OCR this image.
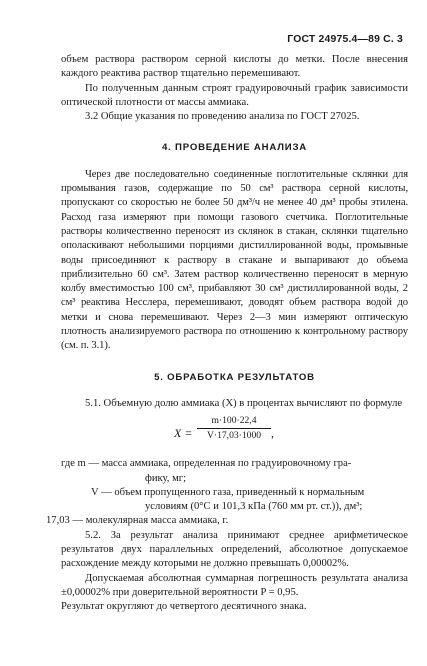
ГОСТ 24975.4—89 С. 3

объем раствора раствором серной кислоты до метки. После внесения каждого реактива раствор тщательно перемешивают.

По полученным данным строят градуировочный график зависимости оптической плотности от массы аммиака.

3.2 Общие указания по проведению анализа по ГОСТ 27025.

4. ПРОВЕДЕНИЕ АНАЛИЗА

Через две последовательно соединенные поглотительные склянки для промывания газов, содержащие по 50 см³ раствора серной кислоты, пропускают со скоростью не более 50 дм³/ч не менее 40 дм³ пробы этилена. Расход газа измеряют при помощи газового счетчика. Поглотительные растворы количественно переносят из склянок в стакан, склянки тщательно ополаскивают небольшими порциями дистиллированной воды, промывные воды присоединяют к раствору в стакане и выпаривают до объема приблизительно 60 см³. Затем раствор количественно переносят в мерную колбу вместимостью 100 см³, прибавляют 30 см³ дистиллированной воды, 2 см³ реактива Несслера, перемешивают, доводят объем раствора водой до метки и снова перемешивают. Через 2—3 мин измеряют оптическую плотность анализируемого раствора по отношению к контрольному раствору (см. п. 3.1).

5. ОБРАБОТКА РЕЗУЛЬТАТОВ

5.1. Объемную долю аммиака (X) в процентах вычисляют по формуле

$X = \frac{m\cdot 100\cdot 22,4}{V\cdot 17,03\cdot 1000}$ ,
где m — масса аммиака, определенная по градуировочному гра-
фику, мг;
V — объем пропущенного газа, приведенный к нормальным
условиям (0°С и 101,3 кПа (760 мм рт. ст.)), дм³;
17,03 — молекулярная масса аммиака, г.

5.2. За результат анализа принимают среднее арифметическое результатов двух параллельных определений, абсолютное допускаемое расхождение между которыми не должно превышать 0,00002%.

Допускаемая абсолютная суммарная погрешность результата анализа ±0,00002% при доверительной вероятности P = 0,95.

Результат округляют до четвертого десятичного знака.
